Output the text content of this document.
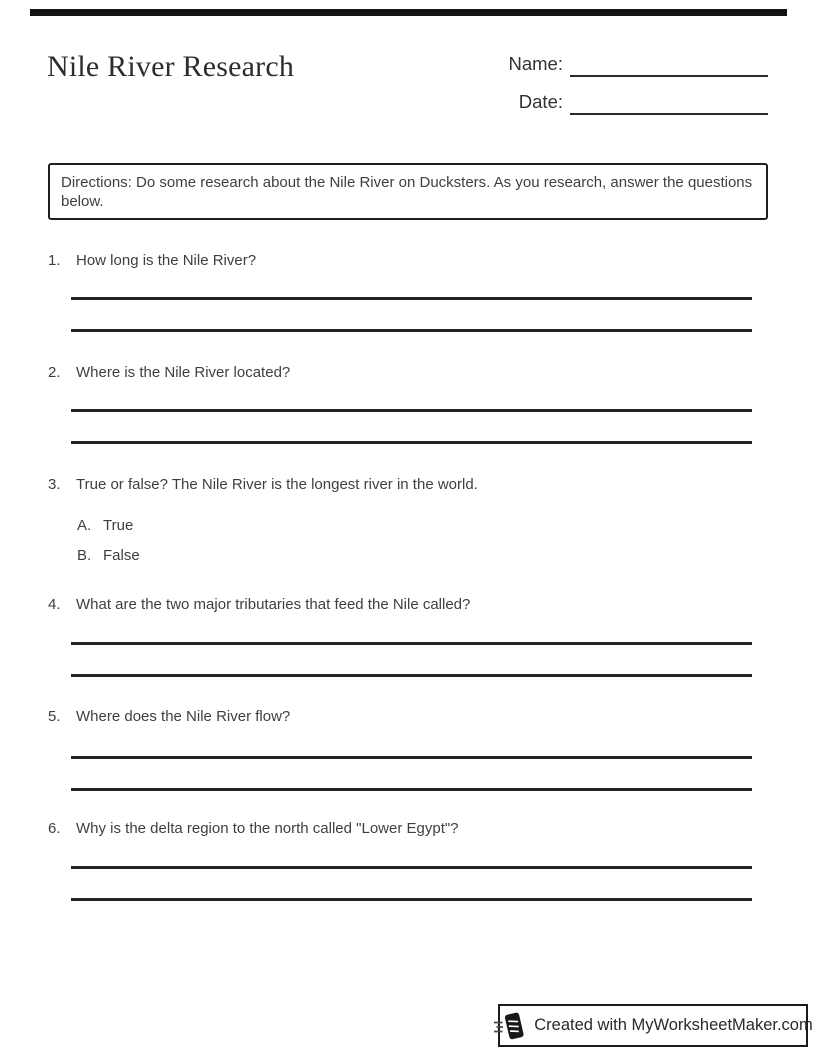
Nile River Research	Name:
Date:

Directions: Do some research about the Nile River on Ducksters. As you research, answer the questions below.

1.	How long is the Nile River?
2.	Where is the Nile River located?
3.	True or false? The Nile River is the longest river in the world.
A. True
B. False
4.	What are the two major tributaries that feed the Nile called?
5.	Where does the Nile River flow?
6.	Why is the delta region to the north called "Lower Egypt"?
Created with MyWorksheetMaker.com
